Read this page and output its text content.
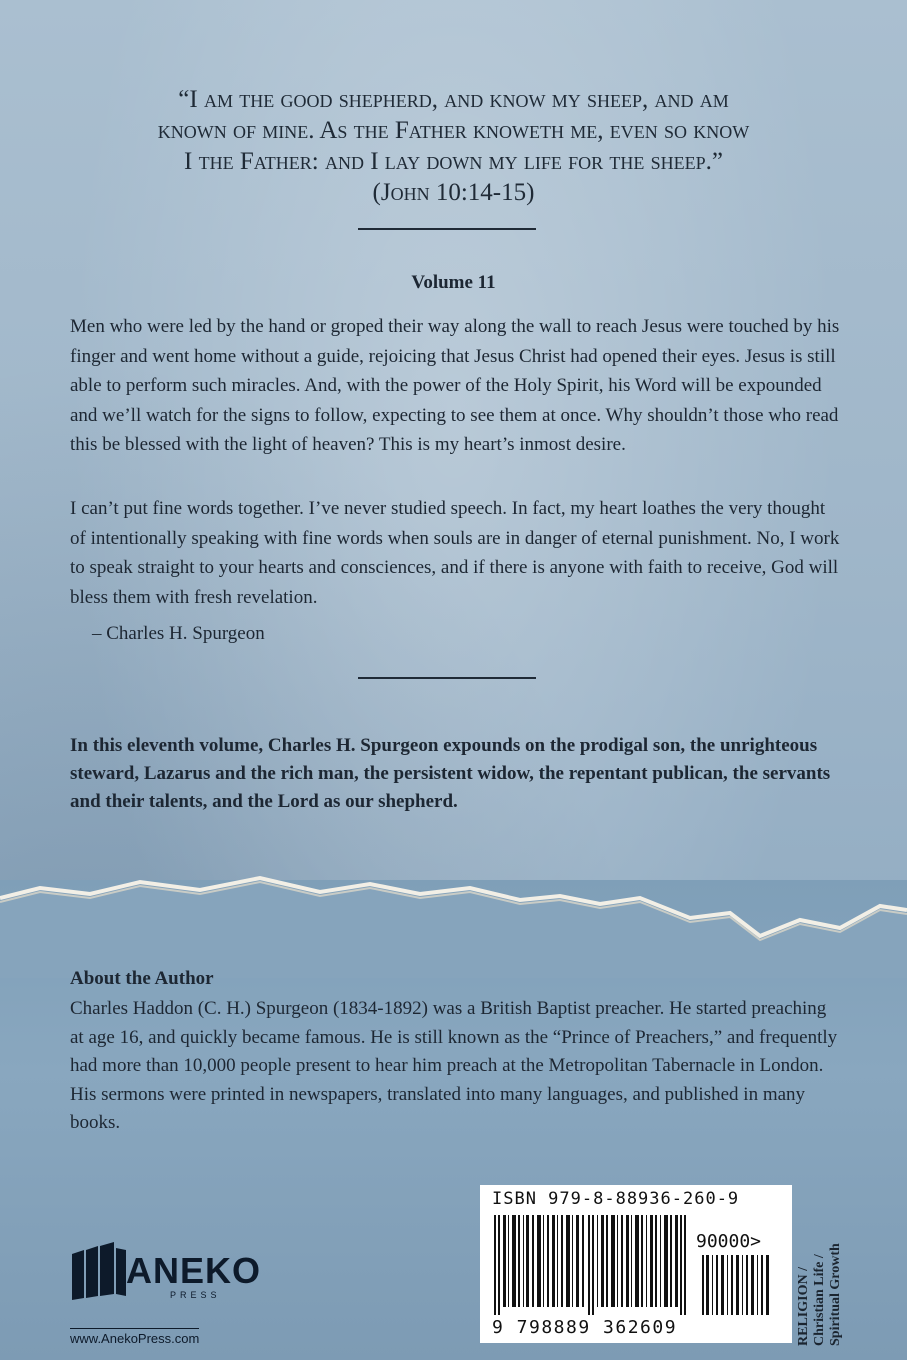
“I am the good shepherd, and know my sheep, and am
known of mine. As the Father knoweth me, even so know
I the Father: and I lay down my life for the sheep.”
(John 10:14-15)
Volume 11

Men who were led by the hand or groped their way along the wall to reach Jesus were touched by his finger and went home without a guide, rejoicing that Jesus Christ had opened their eyes. Jesus is still able to perform such miracles. And, with the power of the Holy Spirit, his Word will be expounded and we’ll watch for the signs to follow, expecting to see them at once. Why shouldn’t those who read this be blessed with the light of heaven? This is my heart’s inmost desire.

I can’t put fine words together. I’ve never studied speech. In fact, my heart loathes the very thought of intentionally speaking with fine words when souls are in danger of eternal punishment. No, I work to speak straight to your hearts and consciences, and if there is anyone with faith to receive, God will bless them with fresh revelation.

– Charles H. Spurgeon

In this eleventh volume, Charles H. Spurgeon expounds on the prodigal son, the unrighteous steward, Lazarus and the rich man, the persistent widow, the repentant publican, the servants and their talents, and the Lord as our shepherd.

About the Author

Charles Haddon (C. H.) Spurgeon (1834-1892) was a British Baptist preacher. He started preaching at age 16, and quickly became famous. He is still known as the “Prince of Preachers,” and frequently had more than 10,000 people present to hear him preach at the Metropolitan Tabernacle in London. His sermons were printed in newspapers, translated into many languages, and published in many books.

ISBN 979-8-88936-260-9
90000>
9 798889 362609	RELIGION / Christian Life / Spiritual Growth
ANEKO
PRESS
www.AnekoPress.com
